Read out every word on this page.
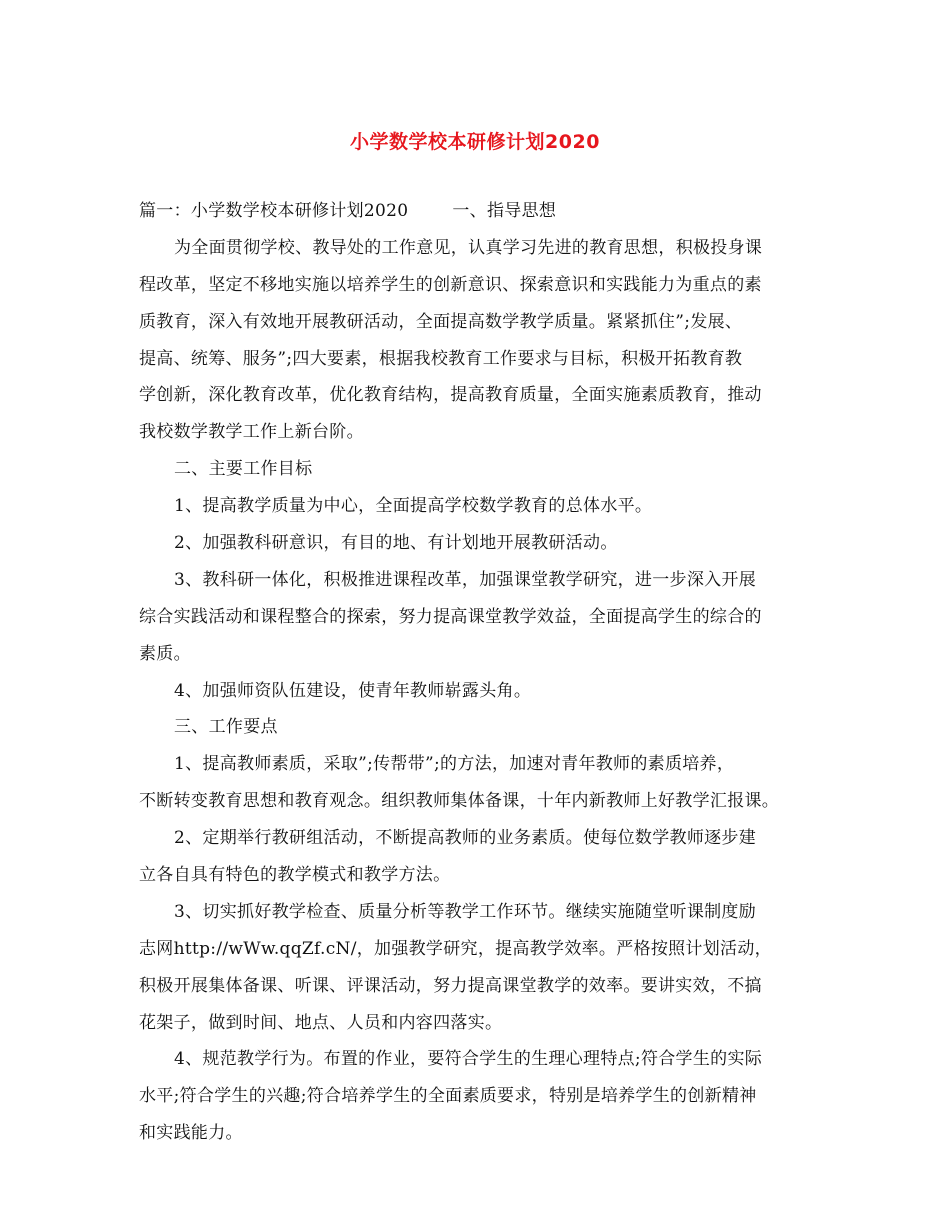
小学数学校本研修计划2020
篇一：小学数学校本研修计划2020	一、指导思想
为全面贯彻学校、教导处的工作意见，认真学习先进的教育思想，积极投身课
程改革，坚定不移地实施以培养学生的创新意识、探索意识和实践能力为重点的素
质教育，深入有效地开展教研活动，全面提高数学教学质量。紧紧抓住”;发展、
提高、统筹、服务”;四大要素，根据我校教育工作要求与目标，积极开拓教育教
学创新，深化教育改革，优化教育结构，提高教育质量，全面实施素质教育，推动
我校数学教学工作上新台阶。
二、主要工作目标
1、提高教学质量为中心，全面提高学校数学教育的总体水平。
2、加强教科研意识，有目的地、有计划地开展教研活动。
3、教科研一体化，积极推进课程改革，加强课堂教学研究，进一步深入开展
综合实践活动和课程整合的探索，努力提高课堂教学效益，全面提高学生的综合的
素质。
4、加强师资队伍建设，使青年教师崭露头角。
三、工作要点
1、提高教师素质，采取”;传帮带”;的方法，加速对青年教师的素质培养，
不断转变教育思想和教育观念。组织教师集体备课，十年内新教师上好教学汇报课。
2、定期举行教研组活动，不断提高教师的业务素质。使每位数学教师逐步建
立各自具有特色的教学模式和教学方法。
3、切实抓好教学检查、质量分析等教学工作环节。继续实施随堂听课制度励
志网http://wWw.qqZf.cN/，加强教学研究，提高教学效率。严格按照计划活动，
积极开展集体备课、听课、评课活动，努力提高课堂教学的效率。要讲实效，不搞
花架子，做到时间、地点、人员和内容四落实。
4、规范教学行为。布置的作业，要符合学生的生理心理特点;符合学生的实际
水平;符合学生的兴趣;符合培养学生的全面素质要求，特别是培养学生的创新精神
和实践能力。
